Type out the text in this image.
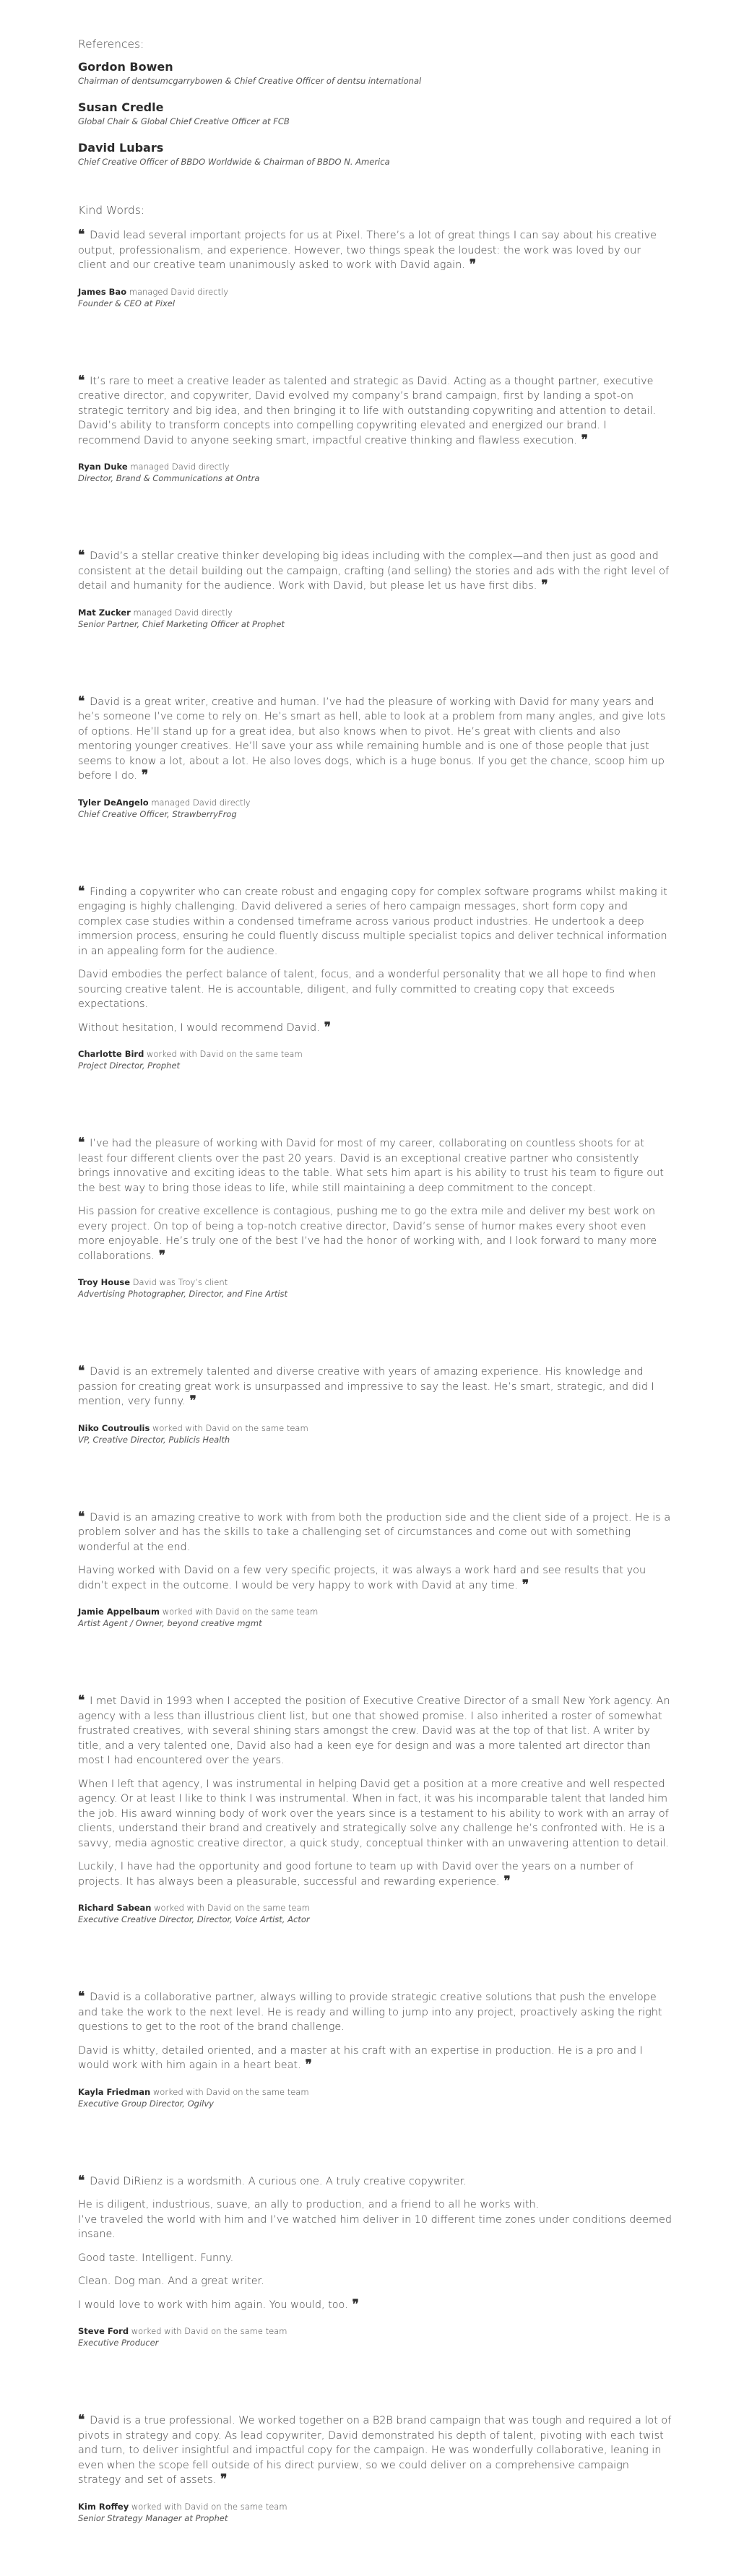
References:
Gordon Bowen
Chairman of dentsumcgarrybowen & Chief Creative Officer of dentsu international
Susan Credle
Global Chair & Global Chief Creative Officer at FCB
David Lubars
Chief Creative Officer of BBDO Worldwide & Chairman of BBDO N. America
Kind Words:

❝ David lead several important projects for us at Pixel. There’s a lot of great things I can say about his creative output, professionalism, and experience. However, two things speak the loudest: the work was loved by our client and our creative team unanimously asked to work with David again. ❞

James Bao managed David directly
Founder & CEO at Pixel

❝ It’s rare to meet a creative leader as talented and strategic as David. Acting as a thought partner, executive creative director, and copywriter, David evolved my company’s brand campaign, first by landing a spot-on strategic territory and big idea, and then bringing it to life with outstanding copywriting and attention to detail. David’s ability to transform concepts into compelling copywriting elevated and energized our brand. I recommend David to anyone seeking smart, impactful creative thinking and flawless execution. ❞

Ryan Duke managed David directly
Director, Brand & Communications at Ontra

❝ David’s a stellar creative thinker developing big ideas including with the complex—and then just as good and consistent at the detail building out the campaign, crafting (and selling) the stories and ads with the right level of detail and humanity for the audience. Work with David, but please let us have first dibs. ❞

Mat Zucker managed David directly
Senior Partner, Chief Marketing Officer at Prophet

❝ David is a great writer, creative and human. I’ve had the pleasure of working with David for many years and he’s someone I’ve come to rely on. He’s smart as hell, able to look at a problem from many angles, and give lots of options. He’ll stand up for a great idea, but also knows when to pivot. He’s great with clients and also mentoring younger creatives. He’ll save your ass while remaining humble and is one of those people that just seems to know a lot, about a lot. He also loves dogs, which is a huge bonus. If you get the chance, scoop him up before I do. ❞

Tyler DeAngelo managed David directly
Chief Creative Officer, StrawberryFrog

❝ Finding a copywriter who can create robust and engaging copy for complex software programs whilst making it engaging is highly challenging. David delivered a series of hero campaign messages, short form copy and complex case studies within a condensed timeframe across various product industries. He undertook a deep immersion process, ensuring he could fluently discuss multiple specialist topics and deliver technical information in an appealing form for the audience.

David embodies the perfect balance of talent, focus, and a wonderful personality that we all hope to find when sourcing creative talent. He is accountable, diligent, and fully committed to creating copy that exceeds expectations.

Without hesitation, I would recommend David. ❞

Charlotte Bird worked with David on the same team
Project Director, Prophet

❝ I’ve had the pleasure of working with David for most of my career, collaborating on countless shoots for at least four different clients over the past 20 years. David is an exceptional creative partner who consistently brings innovative and exciting ideas to the table. What sets him apart is his ability to trust his team to figure out the best way to bring those ideas to life, while still maintaining a deep commitment to the concept.

His passion for creative excellence is contagious, pushing me to go the extra mile and deliver my best work on every project. On top of being a top-notch creative director, David’s sense of humor makes every shoot even more enjoyable. He’s truly one of the best I’ve had the honor of working with, and I look forward to many more collaborations. ❞

Troy House David was Troy’s client
Advertising Photographer, Director, and Fine Artist

❝ David is an extremely talented and diverse creative with years of amazing experience. His knowledge and passion for creating great work is unsurpassed and impressive to say the least. He’s smart, strategic, and did I mention, very funny. ❞

Niko Coutroulis worked with David on the same team
VP, Creative Director, Publicis Health

❝ David is an amazing creative to work with from both the production side and the client side of a project. He is a problem solver and has the skills to take a challenging set of circumstances and come out with something wonderful at the end.

Having worked with David on a few very specific projects, it was always a work hard and see results that you didn’t expect in the outcome. I would be very happy to work with David at any time. ❞

Jamie Appelbaum worked with David on the same team
Artist Agent / Owner, beyond creative mgmt

❝ I met David in 1993 when I accepted the position of Executive Creative Director of a small New York agency. An agency with a less than illustrious client list, but one that showed promise. I also inherited a roster of somewhat frustrated creatives, with several shining stars amongst the crew. David was at the top of that list. A writer by title, and a very talented one, David also had a keen eye for design and was a more talented art director than most I had encountered over the years.

When I left that agency, I was instrumental in helping David get a position at a more creative and well respected agency. Or at least I like to think I was instrumental. When in fact, it was his incomparable talent that landed him the job. His award winning body of work over the years since is a testament to his ability to work with an array of clients, understand their brand and creatively and strategically solve any challenge he’s confronted with. He is a savvy, media agnostic creative director, a quick study, conceptual thinker with an unwavering attention to detail.

Luckily, I have had the opportunity and good fortune to team up with David over the years on a number of projects. It has always been a pleasurable, successful and rewarding experience. ❞

Richard Sabean worked with David on the same team
Executive Creative Director, Director, Voice Artist, Actor

❝ David is a collaborative partner, always willing to provide strategic creative solutions that push the envelope and take the work to the next level. He is ready and willing to jump into any project, proactively asking the right questions to get to the root of the brand challenge.

David is whitty, detailed oriented, and a master at his craft with an expertise in production. He is a pro and I would work with him again in a heart beat. ❞

Kayla Friedman worked with David on the same team
Executive Group Director, Ogilvy

❝ David DiRienz is a wordsmith. A curious one. A truly creative copywriter.

He is diligent, industrious, suave, an ally to production, and a friend to all he works with.
I’ve traveled the world with him and I’ve watched him deliver in 10 different time zones under conditions deemed insane.

Good taste. Intelligent. Funny.

Clean. Dog man. And a great writer.

I would love to work with him again. You would, too. ❞

Steve Ford worked with David on the same team
Executive Producer

❝ David is a true professional. We worked together on a B2B brand campaign that was tough and required a lot of pivots in strategy and copy. As lead copywriter, David demonstrated his depth of talent, pivoting with each twist and turn, to deliver insightful and impactful copy for the campaign. He was wonderfully collaborative, leaning in even when the scope fell outside of his direct purview, so we could deliver on a comprehensive campaign strategy and set of assets. ❞

Kim Roffey worked with David on the same team
Senior Strategy Manager at Prophet
